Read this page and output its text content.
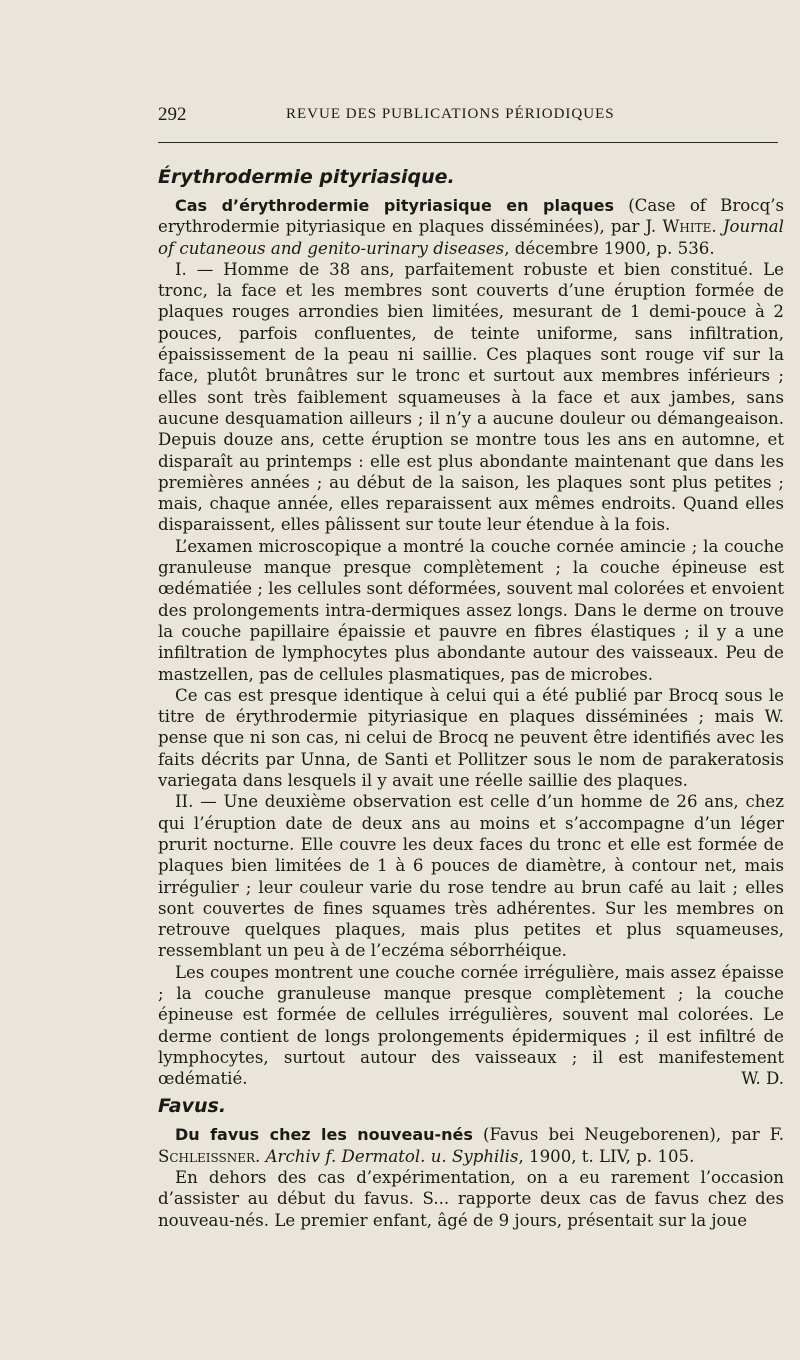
292	REVUE DES PUBLICATIONS PÉRIODIQUES
Érythrodermie pityriasique.

Cas d’érythrodermie pityriasique en plaques (Case of Brocq’s erythrodermie pityriasique en plaques disséminées), par J. White. Journal of cutaneous and genito-urinary diseases, décembre 1900, p. 536.

I. — Homme de 38 ans, parfaitement robuste et bien constitué. Le tronc, la face et les membres sont couverts d’une éruption formée de plaques rouges arrondies bien limitées, mesurant de 1 demi-pouce à 2 pouces, parfois confluentes, de teinte uniforme, sans infiltration, épaississement de la peau ni saillie. Ces plaques sont rouge vif sur la face, plutôt brunâtres sur le tronc et surtout aux membres inférieurs ; elles sont très faiblement squameuses à la face et aux jambes, sans aucune desquamation ailleurs ; il n’y a aucune douleur ou démangeaison. Depuis douze ans, cette éruption se montre tous les ans en automne, et disparaît au printemps : elle est plus abondante maintenant que dans les premières années ; au début de la saison, les plaques sont plus petites ; mais, chaque année, elles reparaissent aux mêmes endroits. Quand elles disparaissent, elles pâlissent sur toute leur étendue à la fois.

L’examen microscopique a montré la couche cornée amincie ; la couche granuleuse manque presque complètement ; la couche épineuse est œdématiée ; les cellules sont déformées, souvent mal colorées et envoient des prolongements intra-dermiques assez longs. Dans le derme on trouve la couche papillaire épaissie et pauvre en fibres élastiques ; il y a une infiltration de lymphocytes plus abondante autour des vaisseaux. Peu de mastzellen, pas de cellules plasmatiques, pas de microbes.

Ce cas est presque identique à celui qui a été publié par Brocq sous le titre de érythrodermie pityriasique en plaques disséminées ; mais W. pense que ni son cas, ni celui de Brocq ne peuvent être identifiés avec les faits décrits par Unna, de Santi et Pollitzer sous le nom de parakeratosis variegata dans lesquels il y avait une réelle saillie des plaques.

II. — Une deuxième observation est celle d’un homme de 26 ans, chez qui l’éruption date de deux ans au moins et s’accompagne d’un léger prurit nocturne. Elle couvre les deux faces du tronc et elle est formée de plaques bien limitées de 1 à 6 pouces de diamètre, à contour net, mais irrégulier ; leur couleur varie du rose tendre au brun café au lait ; elles sont couvertes de fines squames très adhérentes. Sur les membres on retrouve quelques plaques, mais plus petites et plus squameuses, ressemblant un peu à de l’eczéma séborrhéique.

Les coupes montrent une couche cornée irrégulière, mais assez épaisse ; la couche granuleuse manque presque complètement ; la couche épineuse est formée de cellules irrégulières, souvent mal colorées. Le derme contient de longs prolongements épidermiques ; il est infiltré de lymphocytes, surtout autour des vaisseaux ; il est manifestement œdématié.	W. D.

Favus.

Du favus chez les nouveau-nés (Favus bei Neugeborenen), par F. Schleissner. Archiv f. Dermatol. u. Syphilis, 1900, t. LIV, p. 105.

En dehors des cas d’expérimentation, on a eu rarement l’occasion d’assister au début du favus. S... rapporte deux cas de favus chez des nouveau-nés. Le premier enfant, âgé de 9 jours, présentait sur la joue
